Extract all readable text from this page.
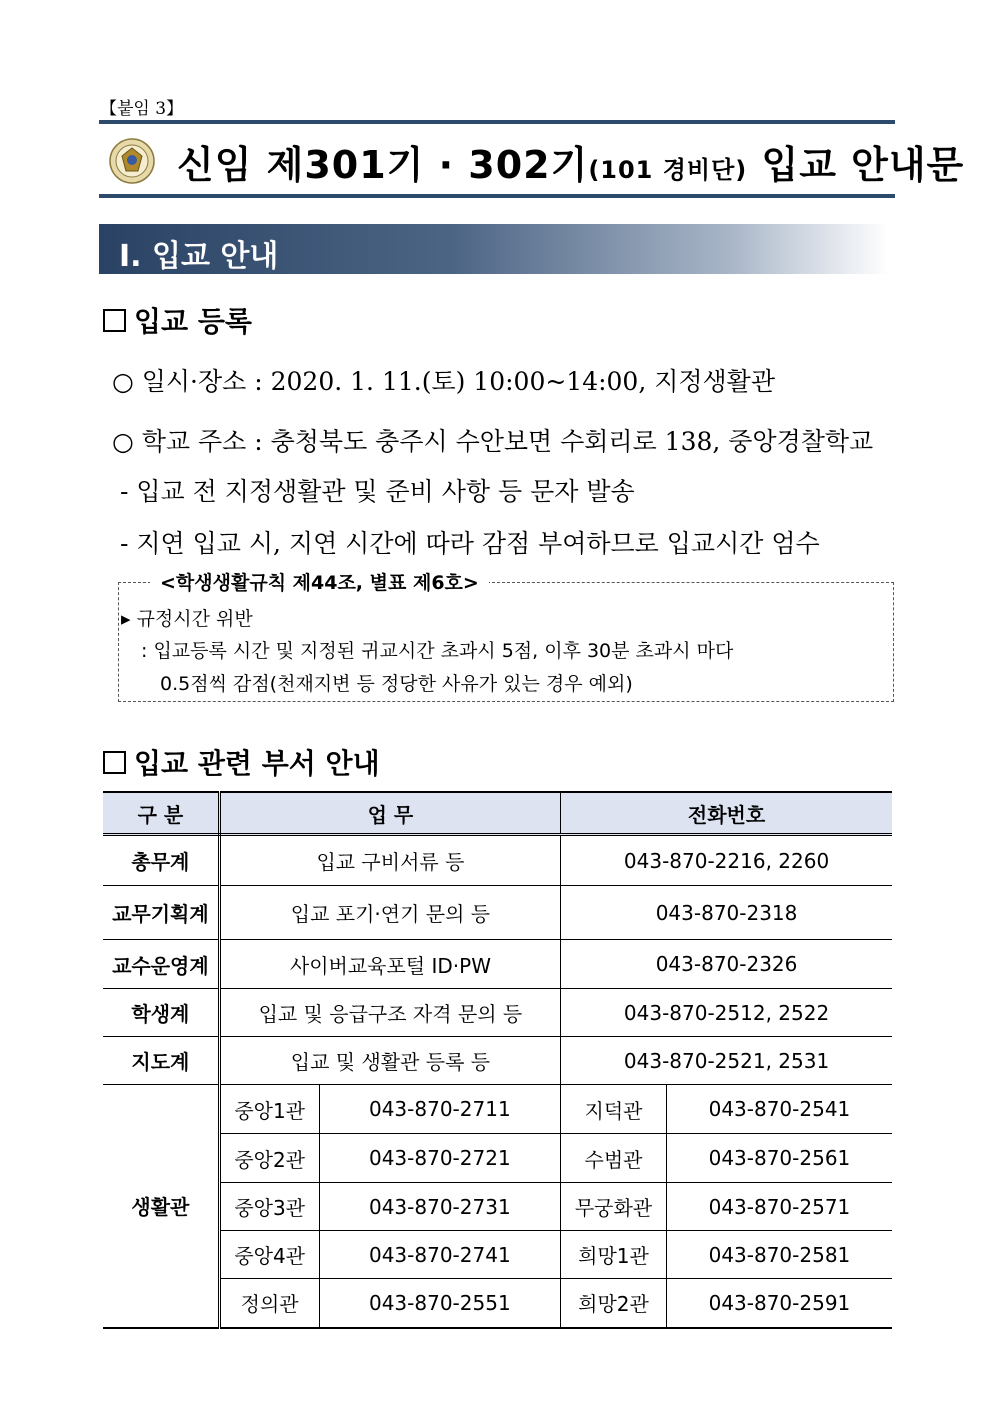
【붙임 3】
신임 제301기 · 302기(101 경비단) 입교 안내문
Ⅰ. 입교 안내
입교 등록
○ 일시·장소 : 2020. 1. 11.(토) 10:00~14:00, 지정생활관
○ 학교 주소 : 충청북도 충주시 수안보면 수회리로 138, 중앙경찰학교
- 입교 전 지정생활관 및 준비 사항 등 문자 발송
- 지연 입교 시, 지연 시간에 따라 감점 부여하므로 입교시간 엄수
<학생생활규칙 제44조, 별표 제6호>
▸ 규정시간 위반
: 입교등록 시간 및 지정된 귀교시간 초과시 5점, 이후 30분 초과시 마다
0.5점씩 감점(천재지변 등 정당한 사유가 있는 경우 예외)
입교 관련 부서 안내
구 분	업 무		전화번호	
총무계	입교 구비서류 등		043-870-2216, 2260	
교무기획계	입교 포기·연기 문의 등		043-870-2318	
교수운영계	사이버교육포털 ID·PW		043-870-2326	
학생계	입교 및 응급구조 자격 문의 등		043-870-2512, 2522	
지도계	입교 및 생활관 등록 등		043-870-2521, 2531	
생활관	중앙1관	043-870-2711	지덕관	043-870-2541
	중앙2관	043-870-2721	수범관	043-870-2561
	중앙3관	043-870-2731	무궁화관	043-870-2571
	중앙4관	043-870-2741	희망1관	043-870-2581
	정의관	043-870-2551	희망2관	043-870-2591
